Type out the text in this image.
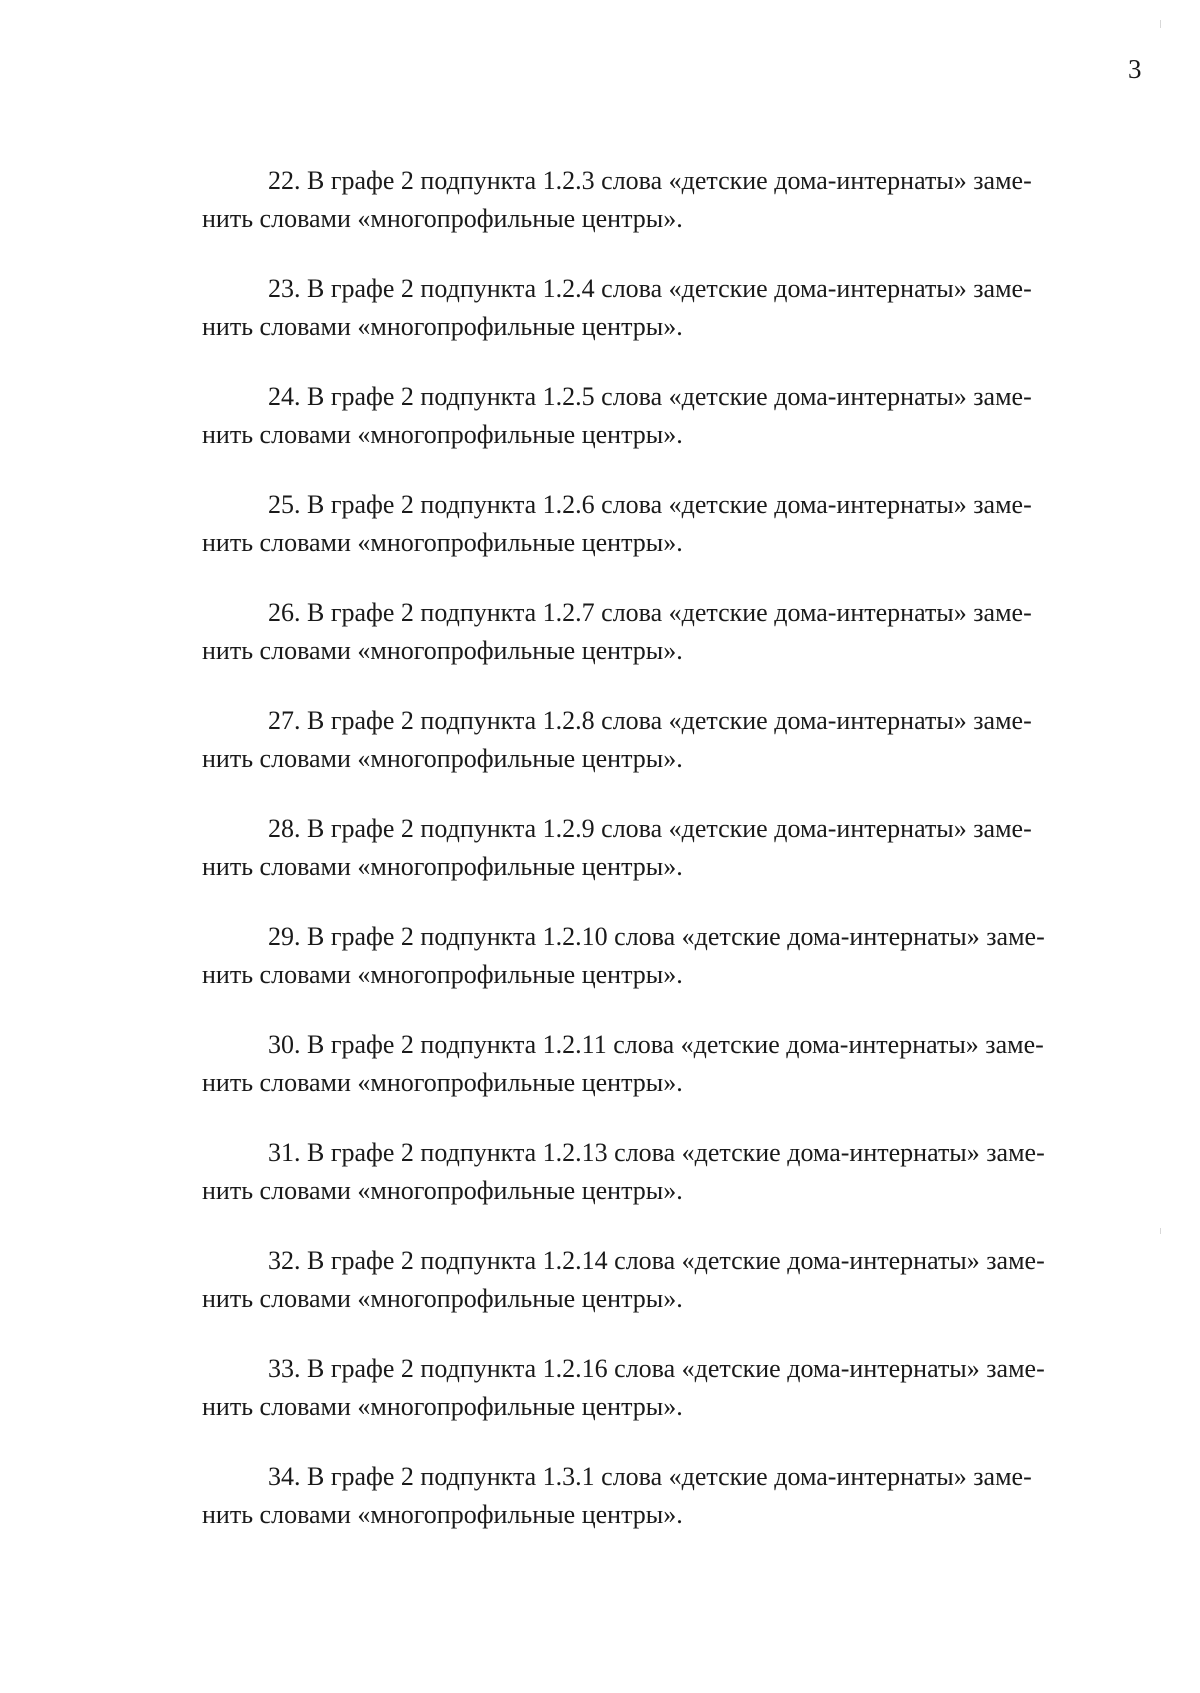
3

22. В графе 2 подпункта 1.2.3 слова «детские дома-интернаты» заме-
нить словами «многопрофильные центры».

23. В графе 2 подпункта 1.2.4 слова «детские дома-интернаты» заме-
нить словами «многопрофильные центры».

24. В графе 2 подпункта 1.2.5 слова «детские дома-интернаты» заме-
нить словами «многопрофильные центры».

25. В графе 2 подпункта 1.2.6 слова «детские дома-интернаты» заме-
нить словами «многопрофильные центры».

26. В графе 2 подпункта 1.2.7 слова «детские дома-интернаты» заме-
нить словами «многопрофильные центры».

27. В графе 2 подпункта 1.2.8 слова «детские дома-интернаты» заме-
нить словами «многопрофильные центры».

28. В графе 2 подпункта 1.2.9 слова «детские дома-интернаты» заме-
нить словами «многопрофильные центры».

29. В графе 2 подпункта 1.2.10 слова «детские дома-интернаты» заме-
нить словами «многопрофильные центры».

30. В графе 2 подпункта 1.2.11 слова «детские дома-интернаты» заме-
нить словами «многопрофильные центры».

31. В графе 2 подпункта 1.2.13 слова «детские дома-интернаты» заме-
нить словами «многопрофильные центры».

32. В графе 2 подпункта 1.2.14 слова «детские дома-интернаты» заме-
нить словами «многопрофильные центры».

33. В графе 2 подпункта 1.2.16 слова «детские дома-интернаты» заме-
нить словами «многопрофильные центры».

34. В графе 2 подпункта 1.3.1 слова «детские дома-интернаты» заме-
нить словами «многопрофильные центры».
